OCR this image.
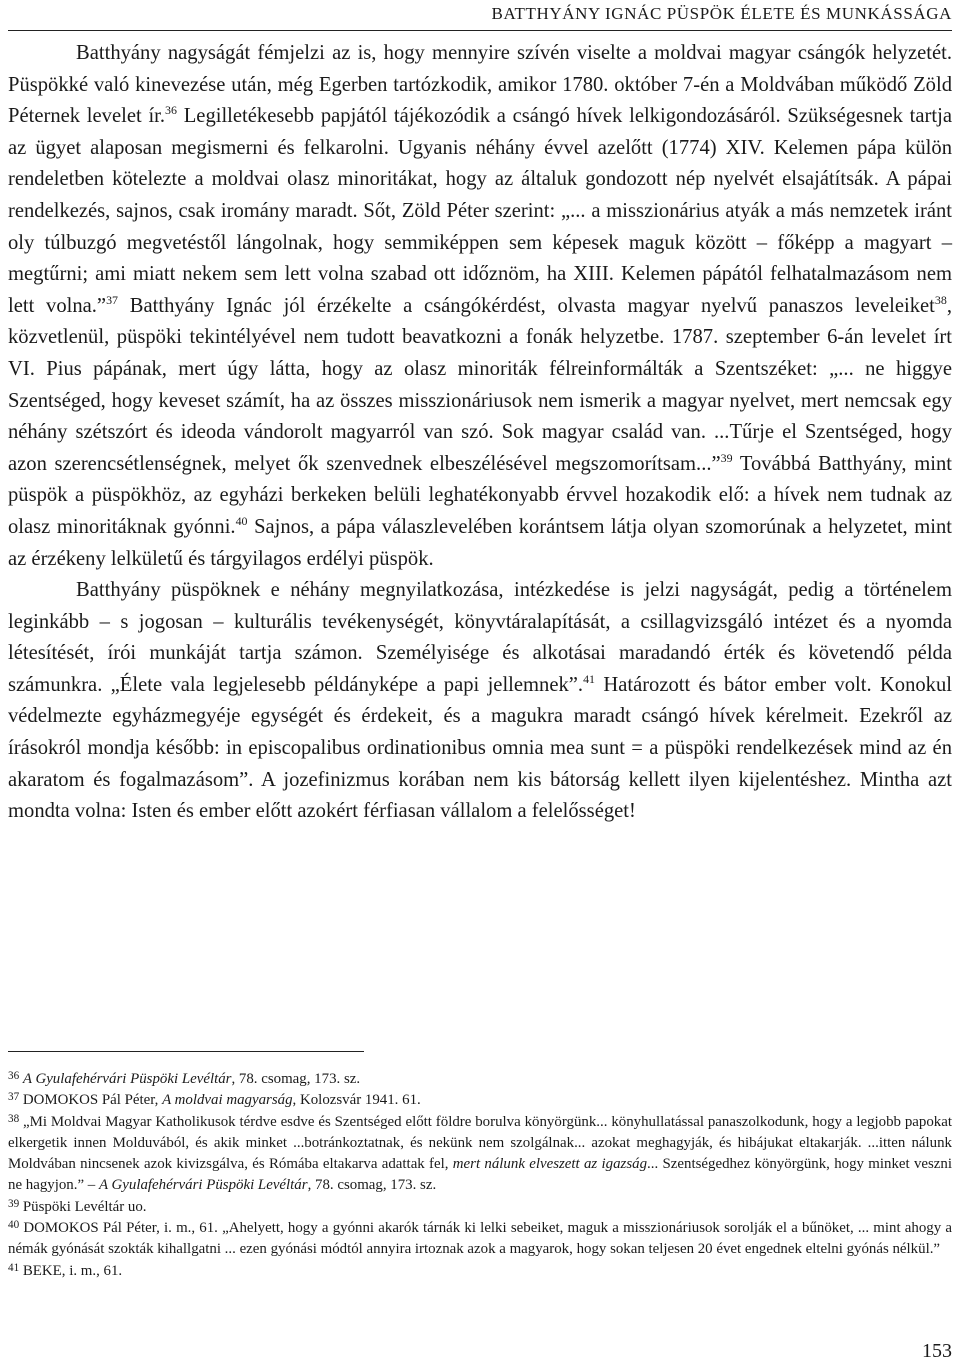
BATTHYÁNY IGNÁC PÜSPÖK ÉLETE ÉS MUNKÁSSÁGA

Batthyány nagyságát fémjelzi az is, hogy mennyire szívén viselte a moldvai magyar csángók helyzetét. Püspökké való kinevezése után, még Egerben tartózkodik, amikor 1780. október 7-én a Moldvában működő Zöld Péternek levelet ír.$^{36}$ Legilletékesebb papjától tájékozódik a csángó hívek lelkigondozásáról. Szükségesnek tartja az ügyet alaposan megismerni és felkarolni. Ugyanis néhány évvel azelőtt (1774) XIV. Kelemen pápa külön rendeletben kötelezte a moldvai olasz minoritákat, hogy az általuk gondozott nép nyelvét elsajátítsák. A pápai rendelkezés, sajnos, csak iromány maradt. Sőt, Zöld Péter szerint: „... a misszionárius atyák a más nemzetek iránt oly túlbuzgó megvetéstől lángolnak, hogy semmiképpen sem képesek maguk között – főképp a magyart – megtűrni; ami miatt nekem sem lett volna szabad ott időznöm, ha XIII. Kelemen pápától felhatalmazásom nem lett volna.”$^{37}$ Batthyány Ignác jól érzékelte a csángókérdést, olvasta magyar nyelvű panaszos leveleiket$^{38}$, közvetlenül, püspöki tekintélyével nem tudott beavatkozni a fonák helyzetbe. 1787. szeptember 6-án levelet írt VI. Pius pápának, mert úgy látta, hogy az olasz minoriták félreinformálták a Szentszéket: „... ne higgye Szentséged, hogy keveset számít, ha az összes misszionáriusok nem ismerik a magyar nyelvet, mert nemcsak egy néhány szétszórt és ideoda vándorolt magyarról van szó. Sok magyar család van. ...Tűrje el Szentséged, hogy azon szerencsétlenségnek, melyet ők szenvednek elbeszélésével megszomorítsam...”$^{39}$ Továbbá Batthyány, mint püspök a püspökhöz, az egyházi berkeken belüli leghatékonyabb érvvel hozakodik elő: a hívek nem tudnak az olasz minoritáknak gyónni.$^{40}$ Sajnos, a pápa válaszlevelében korántsem látja olyan szomorúnak a helyzetet, mint az érzékeny lelkületű és tárgyilagos erdélyi püspök.

Batthyány püspöknek e néhány megnyilatkozása, intézkedése is jelzi nagyságát, pedig a történelem leginkább – s jogosan – kulturális tevékenységét, könyvtáralapítását, a csillagvizsgáló intézet és a nyomda létesítését, írói munkáját tartja számon. Személyisége és alkotásai maradandó érték és követendő példa számunkra. „Élete vala legjelesebb példányképe a papi jellemnek”.$^{41}$ Határozott és bátor ember volt. Konokul védelmezte egyházmegyéje egységét és érdekeit, és a magukra maradt csángó hívek kérelmeit. Ezekről az írásokról mondja később: in episcopalibus ordinationibus omnia mea sunt = a püspöki rendelkezések mind az én akaratom és fogalmazásom”. A jozefinizmus korában nem kis bátorság kellett ilyen kijelentéshez. Mintha azt mondta volna: Isten és ember előtt azokért férfiasan vállalom a felelősséget!

$^{36}$ A Gyulafehérvári Püspöki Levéltár, 78. csomag, 173. sz.
$^{37}$ DOMOKOS Pál Péter, A moldvai magyarság, Kolozsvár 1941. 61.
$^{38}$ „Mi Moldvai Magyar Katholikusok térdve esdve és Szentséged előtt földre borulva könyörgünk... könyhullatással panaszolkodunk, hogy a legjobb papokat elkergetik innen Molduvából, és akik minket ...botránkoztatnak, és nekünk nem szolgálnak... azokat meghagyják, és hibájukat eltakarják. ...itten nálunk Moldvában nincsenek azok kivizsgálva, és Rómába eltakarva adattak fel, mert nálunk elveszett az igazság... Szentségedhez könyörgünk, hogy minket veszni ne hagyjon.” – A Gyulafehérvári Püspöki Levéltár, 78. csomag, 173. sz.
$^{39}$ Püspöki Levéltár uo.
$^{40}$ DOMOKOS Pál Péter, i. m., 61. „Ahelyett, hogy a gyónni akarók tárnák ki lelki sebeiket, maguk a misszionáriusok sorolják el a bűnöket, ... mint ahogy a némák gyónását szokták kihallgatni ... ezen gyónási módtól annyira irtoznak azok a magyarok, hogy sokan teljesen 20 évet engednek eltelni gyónás nélkül.”
$^{41}$ BEKE, i. m., 61.
153
